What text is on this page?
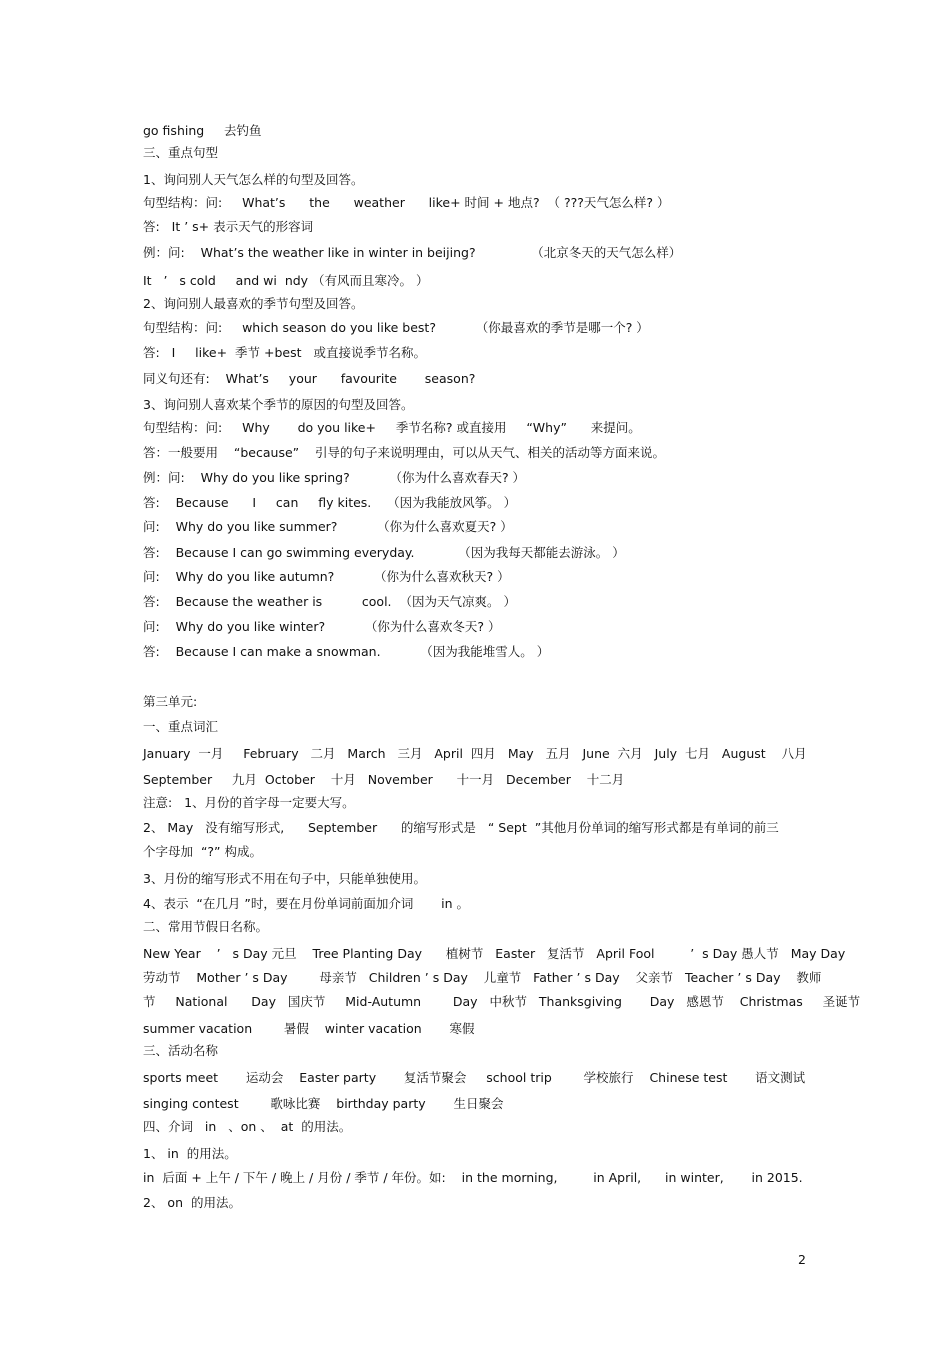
go fishing     去钓鱼
三、重点句型
1、询问别人天气怎么样的句型及回答。
句型结构：问:     What’s      the      weather      like+ 时间 + 地点?  （ ???天气怎么样? ）
答:   It ’ s+ 表示天气的形容词
例：问:    What’s the weather like in winter in beijing?              （北京冬天的天气怎么样）
It   ’   s cold     and wi  ndy （有风而且寒冷。 ）
2、询问别人最喜欢的季节句型及回答。
句型结构：问:     which season do you like best?          （你最喜欢的季节是哪一个? ）
答:   I     like+  季节 +best   或直接说季节名称。
同义句还有:    What’s     your      favourite       season?
3、询问别人喜欢某个季节的原因的句型及回答。
句型结构：问:     Why       do you like+     季节名称? 或直接用     “Why”      来提问。
答：一般要用    “because”    引导的句子来说明理由，可以从天气、相关的活动等方面来说。
例：问:    Why do you like spring?          （你为什么喜欢春天? ）
答:    Because      I     can     fly kites.    （因为我能放风筝。 ）
问:    Why do you like summer?          （你为什么喜欢夏天? ）
答:    Because I can go swimming everyday.           （因为我每天都能去游泳。 ）
问:    Why do you like autumn?          （你为什么喜欢秋天? ）
答:    Because the weather is          cool.  （因为天气凉爽。 ）
问:    Why do you like winter?          （你为什么喜欢冬天? ）
答:    Because I can make a snowman.          （因为我能堆雪人。 ）
第三单元:
一、重点词汇
January  一月     February   二月   March   三月   April  四月   May   五月   June  六月   July  七月   August    八月
September     九月  October    十月   November      十一月   December    十二月
注意:   1、月份的首字母一定要大写。
2、 May   没有缩写形式,      September      的缩写形式是   “ Sept  ”其他月份单词的缩写形式都是有单词的前三
个字母加  “?” 构成。
3、月份的缩写形式不用在句子中，只能单独使用。
4、表示  “在几月 ”时，要在月份单词前面加介词       in 。
二、常用节假日名称。
New Year    ’   s Day 元旦    Tree Planting Day      植树节   Easter   复活节   April Fool         ’  s Day 愚人节   May Day
劳动节    Mother ’ s Day        母亲节   Children ’ s Day    儿童节   Father ’ s Day    父亲节   Teacher ’ s Day    教师
节     National      Day   国庆节     Mid-Autumn        Day   中秋节   Thanksgiving       Day   感恩节    Christmas     圣诞节
summer vacation        暑假    winter vacation       寒假
三、活动名称
sports meet       运动会    Easter party       复活节聚会     school trip        学校旅行    Chinese test       语文测试
singing contest        歌咏比赛    birthday party       生日聚会
四、介词   in   、on 、  at  的用法。
1、 in  的用法。
in  后面 + 上午 / 下午 / 晚上 / 月份 / 季节 / 年份。如:    in the morning,         in April,      in winter,       in 2015.
2、 on  的用法。
2
